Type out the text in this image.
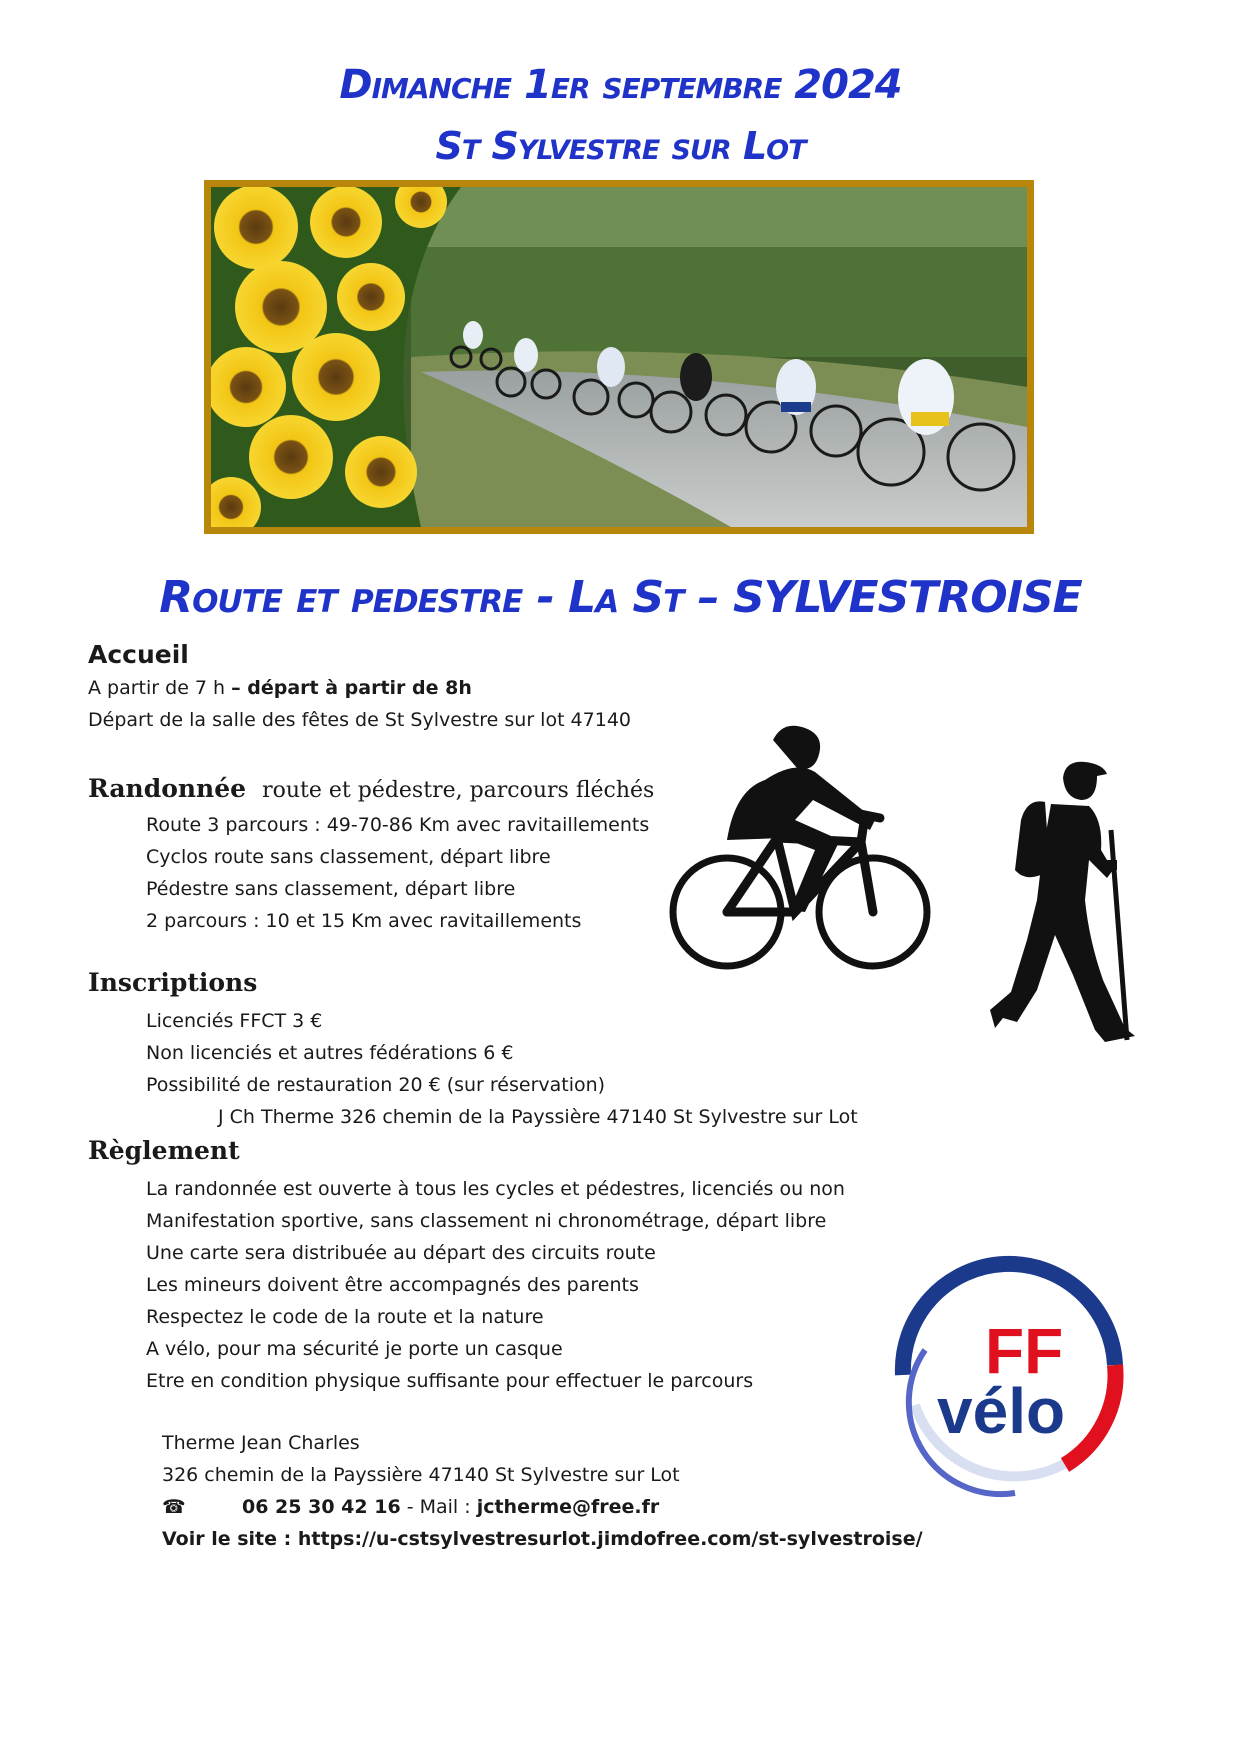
Dimanche 1er septembre 2024
St Sylvestre sur Lot
Route et pedestre - La St – SYLVESTROISE
Accueil
A partir de 7 h – départ à partir de 8h
Départ de la salle des fêtes de St Sylvestre sur lot 47140
Randonnée route et pédestre, parcours fléchés
Route 3 parcours : 49-70-86 Km avec ravitaillements
Cyclos route sans classement, départ libre
Pédestre sans classement, départ libre
2 parcours : 10 et 15 Km avec ravitaillements
Inscriptions
Licenciés FFCT 3 €
Non licenciés et autres fédérations 6 €
Possibilité de restauration 20 € (sur réservation)
J Ch Therme 326 chemin de la Payssière 47140 St Sylvestre sur Lot
Règlement
La randonnée est ouverte à tous les cycles et pédestres, licenciés ou non
Manifestation sportive, sans classement ni chronométrage, départ libre
Une carte sera distribuée au départ des circuits route
Les mineurs doivent être accompagnés des parents
Respectez le code de la route et la nature
A vélo, pour ma sécurité je porte un casque
Etre en condition physique suffisante pour effectuer le parcours
Therme Jean Charles
326 chemin de la Payssière 47140 St Sylvestre sur Lot
☎	06 25 30 42 16 - Mail : jctherme@free.fr
Voir le site : https://u-cstsylvestresurlot.jimdofree.com/st-sylvestroise/
FF
vélo
